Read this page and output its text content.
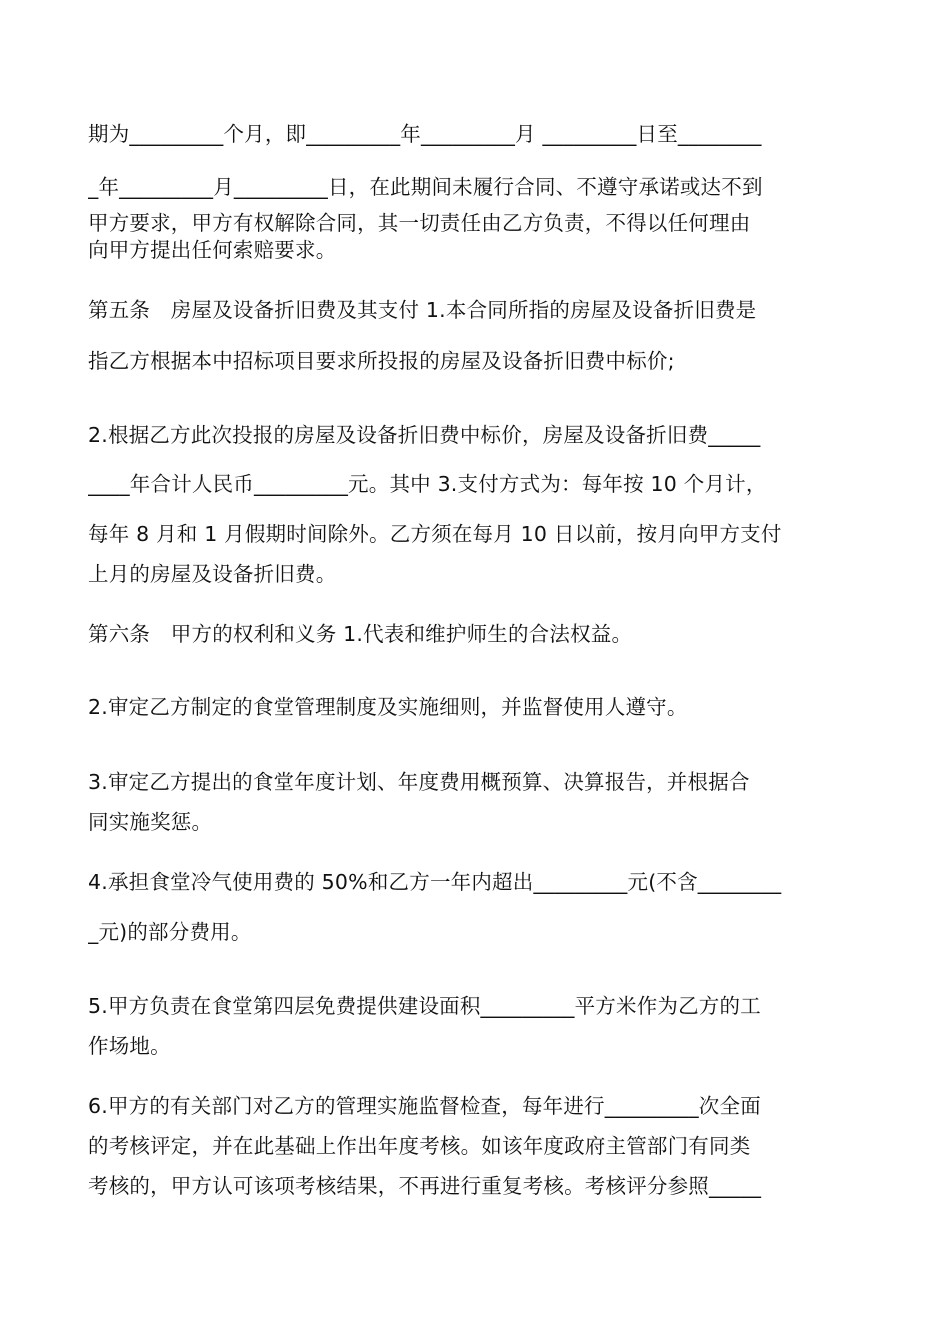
期为_________个月，即_________年_________月 _________日至________
_年_________月_________日，在此期间未履行合同、不遵守承诺或达不到
甲方要求，甲方有权解除合同，其一切责任由乙方负责，不得以任何理由
向甲方提出任何索赔要求。
第五条　房屋及设备折旧费及其支付 1.本合同所指的房屋及设备折旧费是
指乙方根据本中招标项目要求所投报的房屋及设备折旧费中标价;
2.根据乙方此次投报的房屋及设备折旧费中标价，房屋及设备折旧费_____
____年合计人民币_________元。其中 3.支付方式为：每年按 10 个月计，
每年 8 月和 1 月假期时间除外。乙方须在每月 10 日以前，按月向甲方支付
上月的房屋及设备折旧费。
第六条　甲方的权利和义务 1.代表和维护师生的合法权益。
2.审定乙方制定的食堂管理制度及实施细则，并监督使用人遵守。
3.审定乙方提出的食堂年度计划、年度费用概预算、决算报告，并根据合
同实施奖惩。
4.承担食堂冷气使用费的 50%和乙方一年内超出_________元(不含________
_元)的部分费用。
5.甲方负责在食堂第四层免费提供建设面积_________平方米作为乙方的工
作场地。
6.甲方的有关部门对乙方的管理实施监督检查，每年进行_________次全面
的考核评定，并在此基础上作出年度考核。如该年度政府主管部门有同类
考核的，甲方认可该项考核结果，不再进行重复考核。考核评分参照_____
